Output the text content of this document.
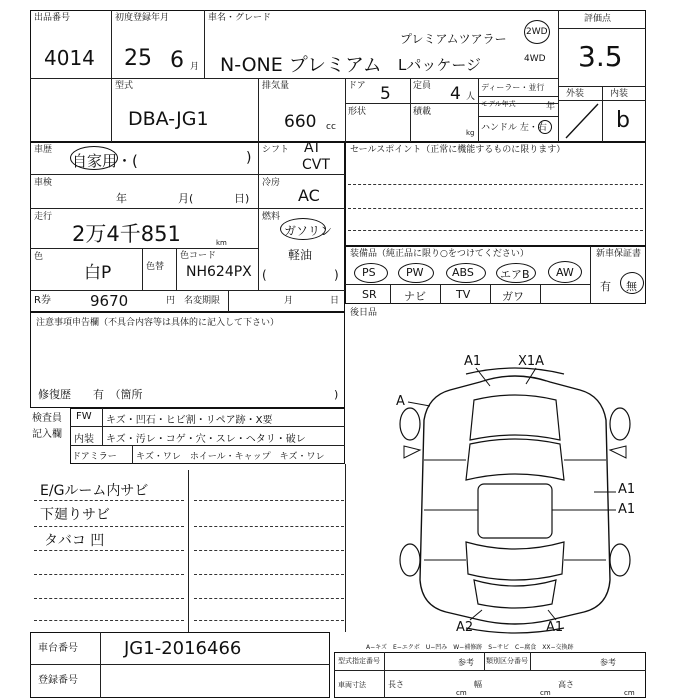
出品番号
4014
初度登録年月
25 6 月
車名・グレード
プレミアムツアラー
N-ONE プレミアム Lパッケージ
2WD
4WD
評価点
3.5
外装	内装
b
型式
DBA-JG1
排気量
660 cc
ドア 5 定員 4 人
ディーラー・並行
モデル年式	年
形状	積載
kg ハンドル 左・右
車歴
自家用・(	) シフト AT
CVT
車検
年	月(	日)
冷房
AC
走行
2万4千851	km
燃料
ガソリン
軽油
(	)
色
白P	色替
色コード
NH624PX
R券	9670	円 名変期限	月	日
セールスポイント（正常に機能するものに限ります）
装備品（純正品に限り○をつけてください）	新車保証書
PS	PW	ABS エアB AW
SR ナビ	TV	ガワ
有 無
後日品
注意事項申告欄（不具合内容等は具体的に記入して下さい）
修復歴　　有　（箇所	)
検査員
記入欄
FW キズ・凹石・ヒビ割・リペア跡・X要
内装 キズ・汚レ・コゲ・穴・スレ・ヘタリ・破レ
ドアミラー キズ・ワレ　ホイール・キャップ　キズ・ワレ
E/Gルーム内サビ
下廻りサビ
タバコ 凹
A1	X1A
A
A1
A1
A2	A1
A−キズ　E−エクボ　U−凹み　W−補修跡　S−サビ　C−腐食　XX−交換跡
車台番号	JG1-2016466
登録番号
型式指定番号	参考 類別区分番号	参考
車両寸法	長さ
cm
幅
cm
高さ
cm
